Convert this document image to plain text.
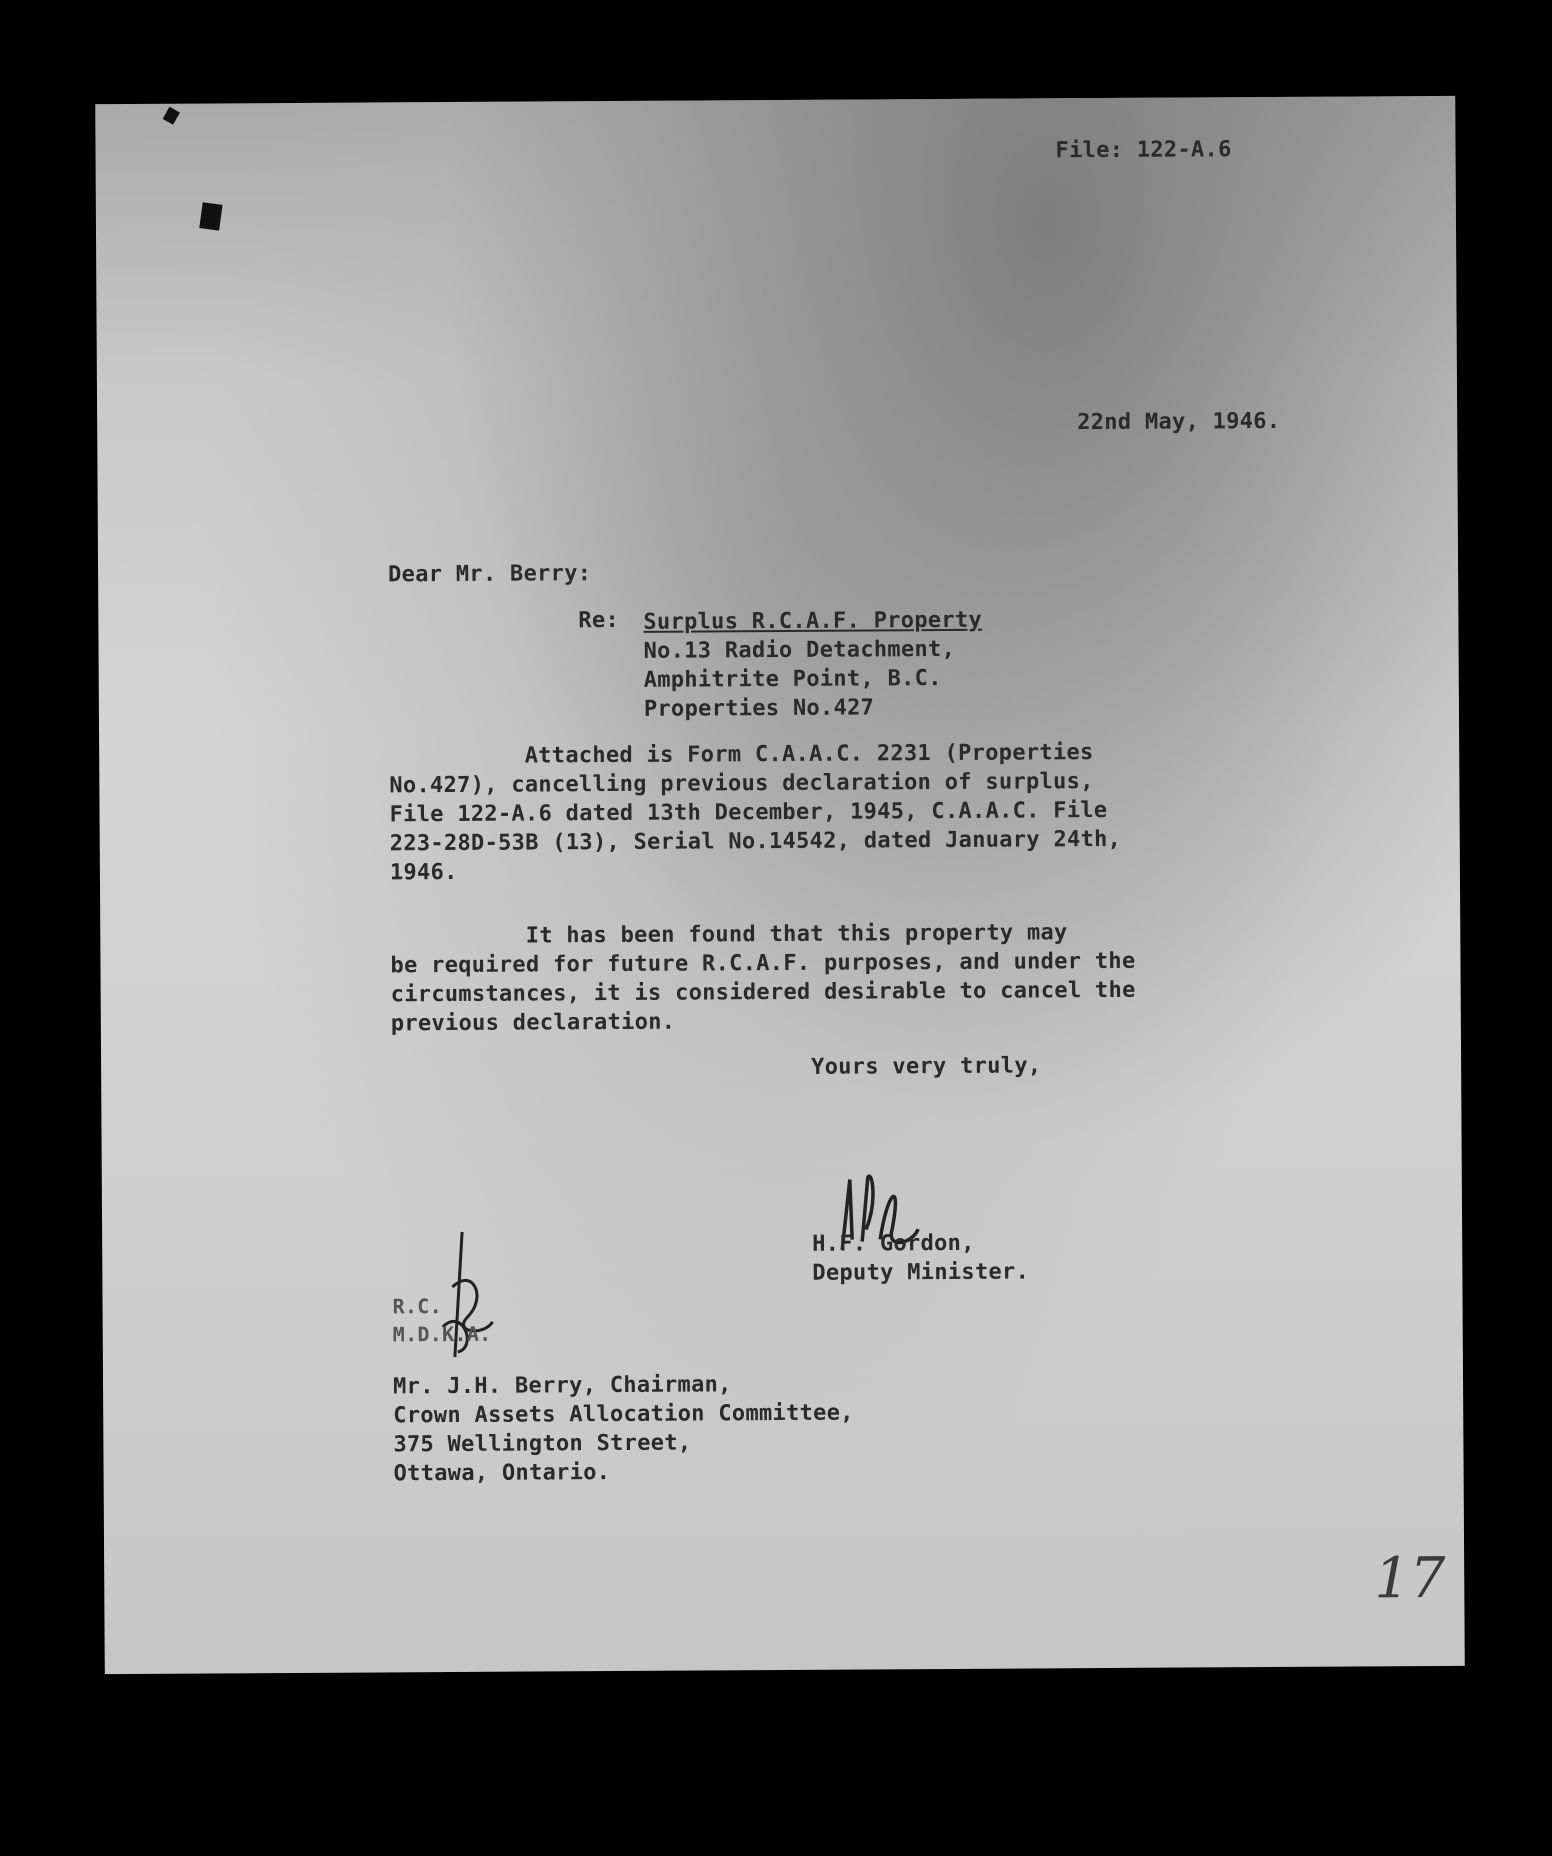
File: 122-A.6
22nd May, 1946.
Dear Mr. Berry:
Re: Surplus R.C.A.F. Property
No.13 Radio Detachment,
Amphitrite Point, B.C.
Properties No.427
Attached is Form C.A.A.C. 2231 (Properties
No.427), cancelling previous declaration of surplus,
File 122-A.6 dated 13th December, 1945, C.A.A.C. File
223-28D-53B (13), Serial No.14542, dated January 24th,
1946.
It has been found that this property may
be required for future R.C.A.F. purposes, and under the
circumstances, it is considered desirable to cancel the
previous declaration.
Yours very truly,
H.F. Gordon,
Deputy Minister.
R.C.
M.D.K.A.
Mr. J.H. Berry, Chairman,
Crown Assets Allocation Committee,
375 Wellington Street,
Ottawa, Ontario.
17
